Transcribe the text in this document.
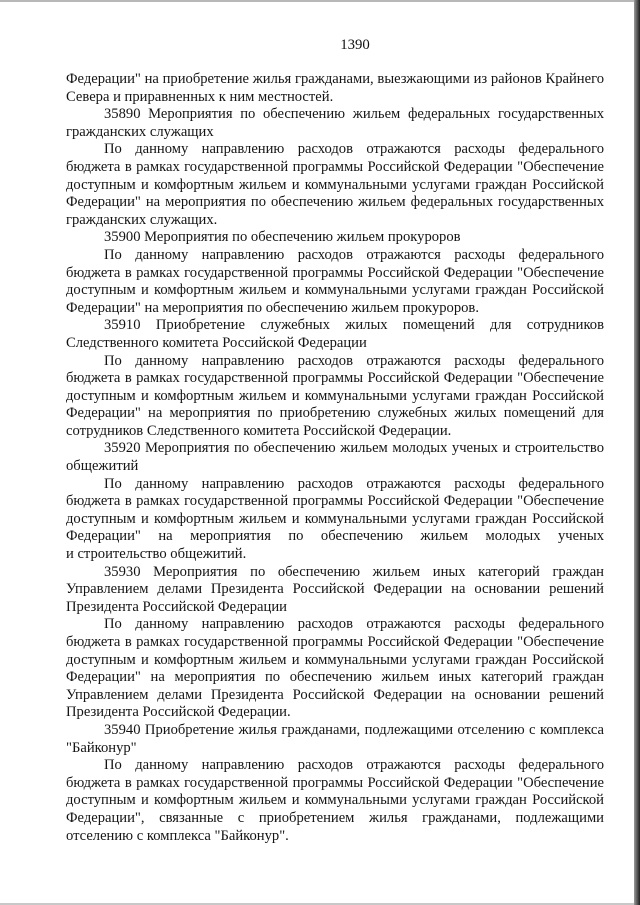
1390
Федерации" на приобретение жилья гражданами, выезжающими из районов Крайнего
Севера и приравненных к ним местностей.
35890 Мероприятия по обеспечению жильем федеральных государственных
гражданских служащих
По данному направлению расходов отражаются расходы федерального
бюджета в рамках государственной программы Российской Федерации "Обеспечение
доступным и комфортным жильем и коммунальными услугами граждан Российской
Федерации" на мероприятия по обеспечению жильем федеральных государственных
гражданских служащих.
35900 Мероприятия по обеспечению жильем прокуроров
По данному направлению расходов отражаются расходы федерального
бюджета в рамках государственной программы Российской Федерации "Обеспечение
доступным и комфортным жильем и коммунальными услугами граждан Российской
Федерации" на мероприятия по обеспечению жильем прокуроров.
35910 Приобретение служебных жилых помещений для сотрудников
Следственного комитета Российской Федерации
По данному направлению расходов отражаются расходы федерального
бюджета в рамках государственной программы Российской Федерации "Обеспечение
доступным и комфортным жильем и коммунальными услугами граждан Российской
Федерации" на мероприятия по приобретению служебных жилых помещений для
сотрудников Следственного комитета Российской Федерации.
35920 Мероприятия по обеспечению жильем молодых ученых и строительство
общежитий
По данному направлению расходов отражаются расходы федерального
бюджета в рамках государственной программы Российской Федерации "Обеспечение
доступным и комфортным жильем и коммунальными услугами граждан Российской
Федерации" на мероприятия по обеспечению жильем молодых ученых
и строительство общежитий.
35930 Мероприятия по обеспечению жильем иных категорий граждан
Управлением делами Президента Российской Федерации на основании решений
Президента Российской Федерации
По данному направлению расходов отражаются расходы федерального
бюджета в рамках государственной программы Российской Федерации "Обеспечение
доступным и комфортным жильем и коммунальными услугами граждан Российской
Федерации" на мероприятия по обеспечению жильем иных категорий граждан
Управлением делами Президента Российской Федерации на основании решений
Президента Российской Федерации.
35940 Приобретение жилья гражданами, подлежащими отселению с комплекса
"Байконур"
По данному направлению расходов отражаются расходы федерального
бюджета в рамках государственной программы Российской Федерации "Обеспечение
доступным и комфортным жильем и коммунальными услугами граждан Российской
Федерации", связанные с приобретением жилья гражданами, подлежащими
отселению с комплекса "Байконур".
